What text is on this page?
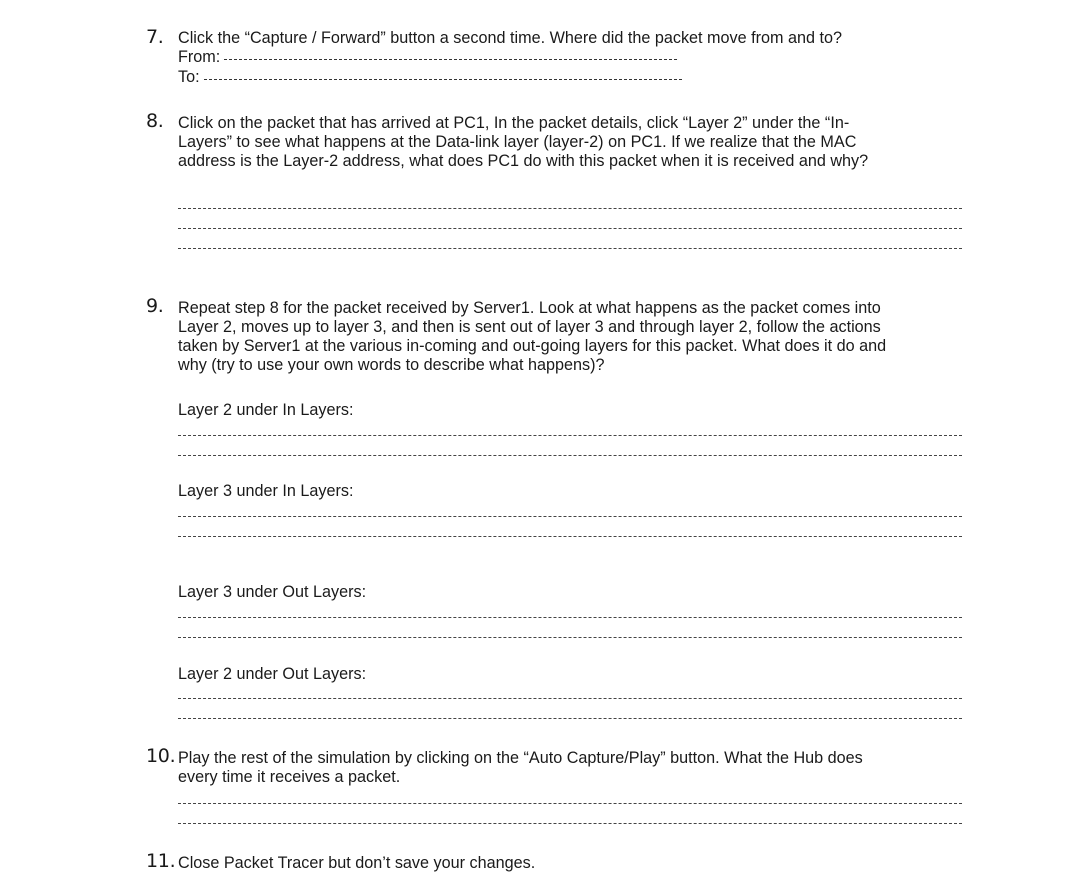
7. Click the “Capture / Forward” button a second time. Where did the packet move from and to?
From:
To:
8. Click on the packet that has arrived at PC1, In the packet details, click “Layer 2” under the “In-
Layers” to see what happens at the Data-link layer (layer-2) on PC1. If we realize that the MAC
address is the Layer-2 address, what does PC1 do with this packet when it is received and why?
9. Repeat step 8 for the packet received by Server1. Look at what happens as the packet comes into
Layer 2, moves up to layer 3, and then is sent out of layer 3 and through layer 2, follow the actions
taken by Server1 at the various in-coming and out-going layers for this packet. What does it do and
why (try to use your own words to describe what happens)?
Layer 2 under In Layers:
Layer 3 under In Layers:
Layer 3 under Out Layers:
Layer 2 under Out Layers:
10. Play the rest of the simulation by clicking on the “Auto Capture/Play” button. What the Hub does
every time it receives a packet.
11. Close Packet Tracer but don’t save your changes.
